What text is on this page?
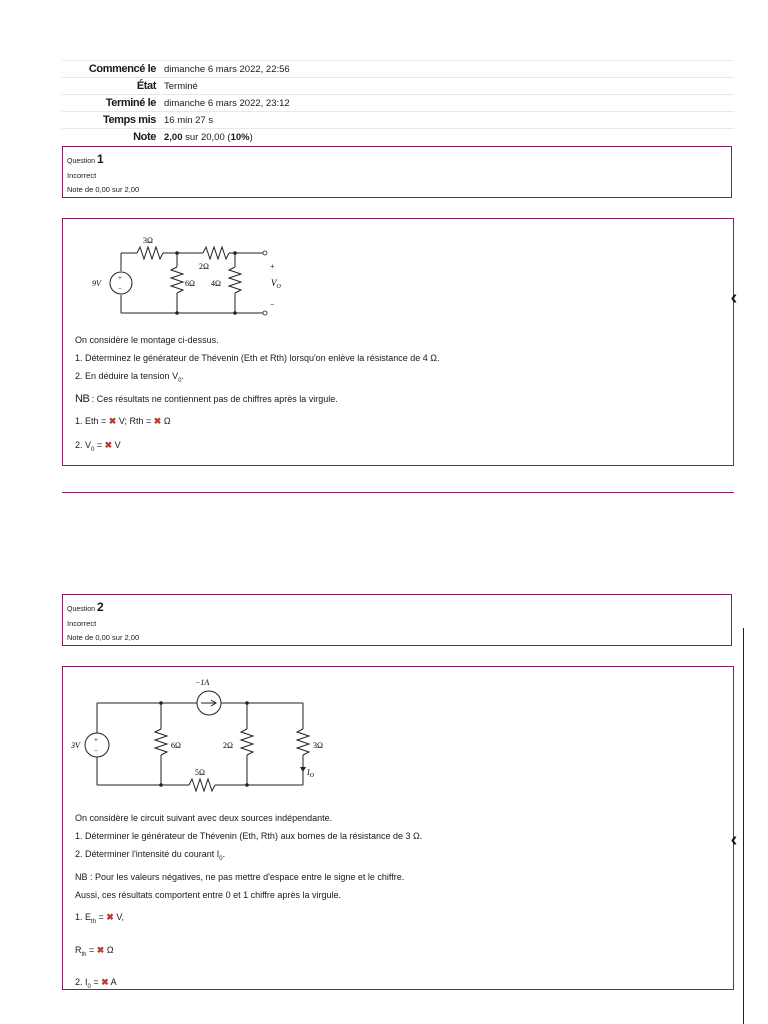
Commencé le dimanche 6 mars 2022, 22:56
État Terminé
Terminé le dimanche 6 mars 2022, 23:12
Temps mis 16 min 27 s
Note 2,00 sur 20,00 (10%)
Question 1
Incorrect
Note de 0,00 sur 2,00
3Ω
2Ω
6Ω 4Ω
9V
+
−
+
−
$V_O$

On considère le montage ci-dessus.

1. Déterminez le générateur de Thévenin (Eth et Rth) lorsqu'on enlève la résistance de 4 Ω.

2. En déduire la tension $V_0$.

NB : Ces résultats ne contiennent pas de chiffres après la virgule.

1. Eth = ✖ V; Rth = ✖ Ω

2. $V_0$ = ✖ V

Question 2
Incorrect
Note de 0,00 sur 2,00
−1A
3V
+
−
6Ω	2Ω	3Ω
5Ω	$I_O$

On considère le circuit suivant avec deux sources indépendante.

1. Déterminer le générateur de Thévenin (Eth, Rth) aux bornes de la résistance de 3 Ω.

2. Déterminer l'intensité du courant $I_0$.

NB : Pour les valeurs négatives, ne pas mettre d'espace entre le signe et le chiffre.

Aussi, ces résultats comportent entre 0 et 1 chiffre après la virgule.

1. $E_{th}$ = ✖ V,

$R_{th}$ = ✖ Ω

2. $I_0$ = ✖ A

‹
‹
